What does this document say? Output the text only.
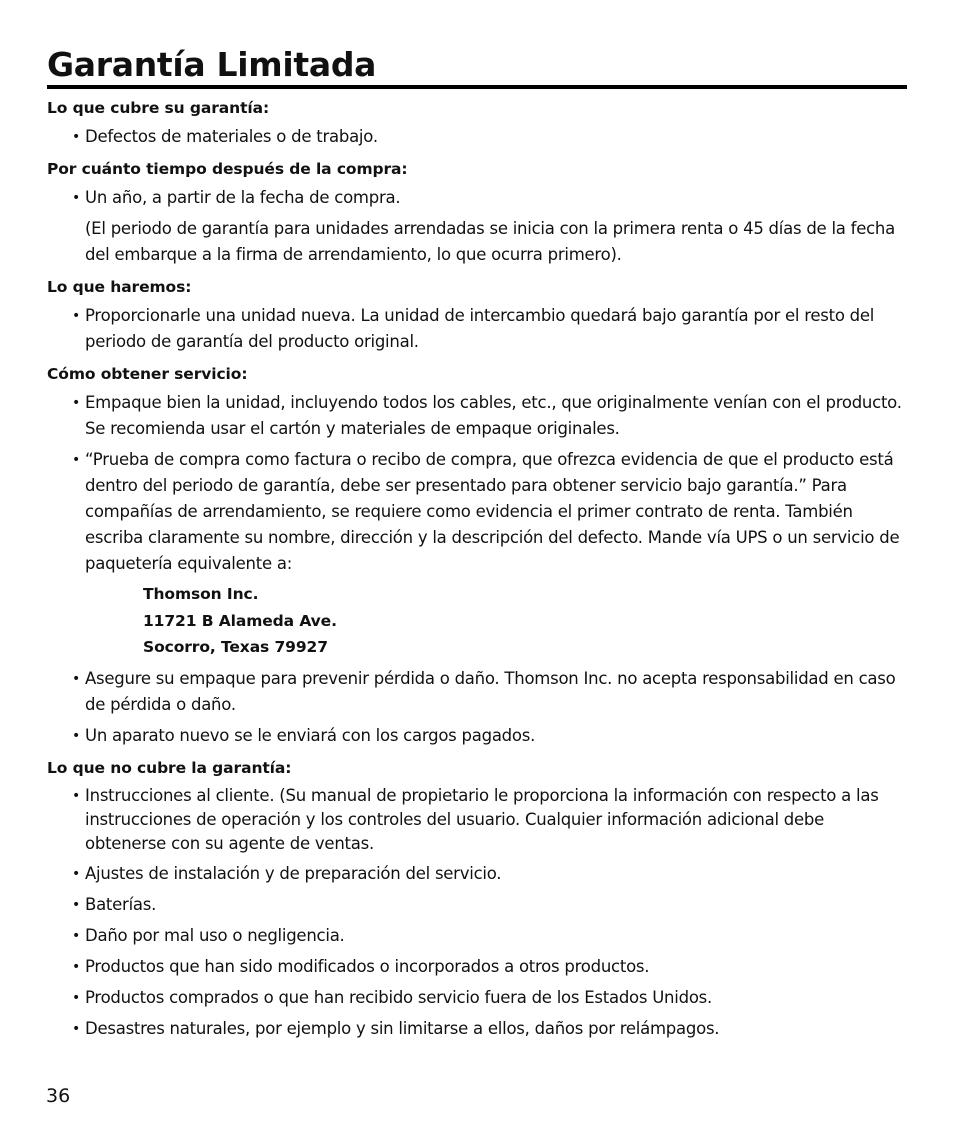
Garantía Limitada
Lo que cubre su garantía:
• Defectos de materiales o de trabajo.
Por cuánto tiempo después de la compra:
• Un año, a partir de la fecha de compra.
(El periodo de garantía para unidades arrendadas se inicia con la primera renta o 45 días de la fecha del embarque a la firma de arrendamiento, lo que ocurra primero).
Lo que haremos:
• Proporcionarle una unidad nueva. La unidad de intercambio quedará bajo garantía por el resto del periodo de garantía del producto original.
Cómo obtener servicio:
• Empaque bien la unidad, incluyendo todos los cables, etc., que originalmente venían con el producto. Se recomienda usar el cartón y materiales de empaque originales.
• “Prueba de compra como factura o recibo de compra, que ofrezca evidencia de que el producto está dentro del periodo de garantía, debe ser presentado para obtener servicio bajo garantía.” Para compañías de arrendamiento, se requiere como evidencia el primer contrato de renta. También escriba claramente su nombre, dirección y la descripción del defecto. Mande vía UPS o un servicio de paquetería equivalente a:
Thomson Inc.
11721 B Alameda Ave.
Socorro, Texas 79927
• Asegure su empaque para prevenir pérdida o daño. Thomson Inc. no acepta responsabilidad en caso de pérdida o daño.
• Un aparato nuevo se le enviará con los cargos pagados.
Lo que no cubre la garantía:
• Instrucciones al cliente. (Su manual de propietario le proporciona la información con respecto a las instrucciones de operación y los controles del usuario. Cualquier información adicional debe obtenerse con su agente de ventas.
• Ajustes de instalación y de preparación del servicio.
• Baterías.
• Daño por mal uso o negligencia.
• Productos que han sido modificados o incorporados a otros productos.
• Productos comprados o que han recibido servicio fuera de los Estados Unidos.
• Desastres naturales, por ejemplo y sin limitarse a ellos, daños por relámpagos.
36
